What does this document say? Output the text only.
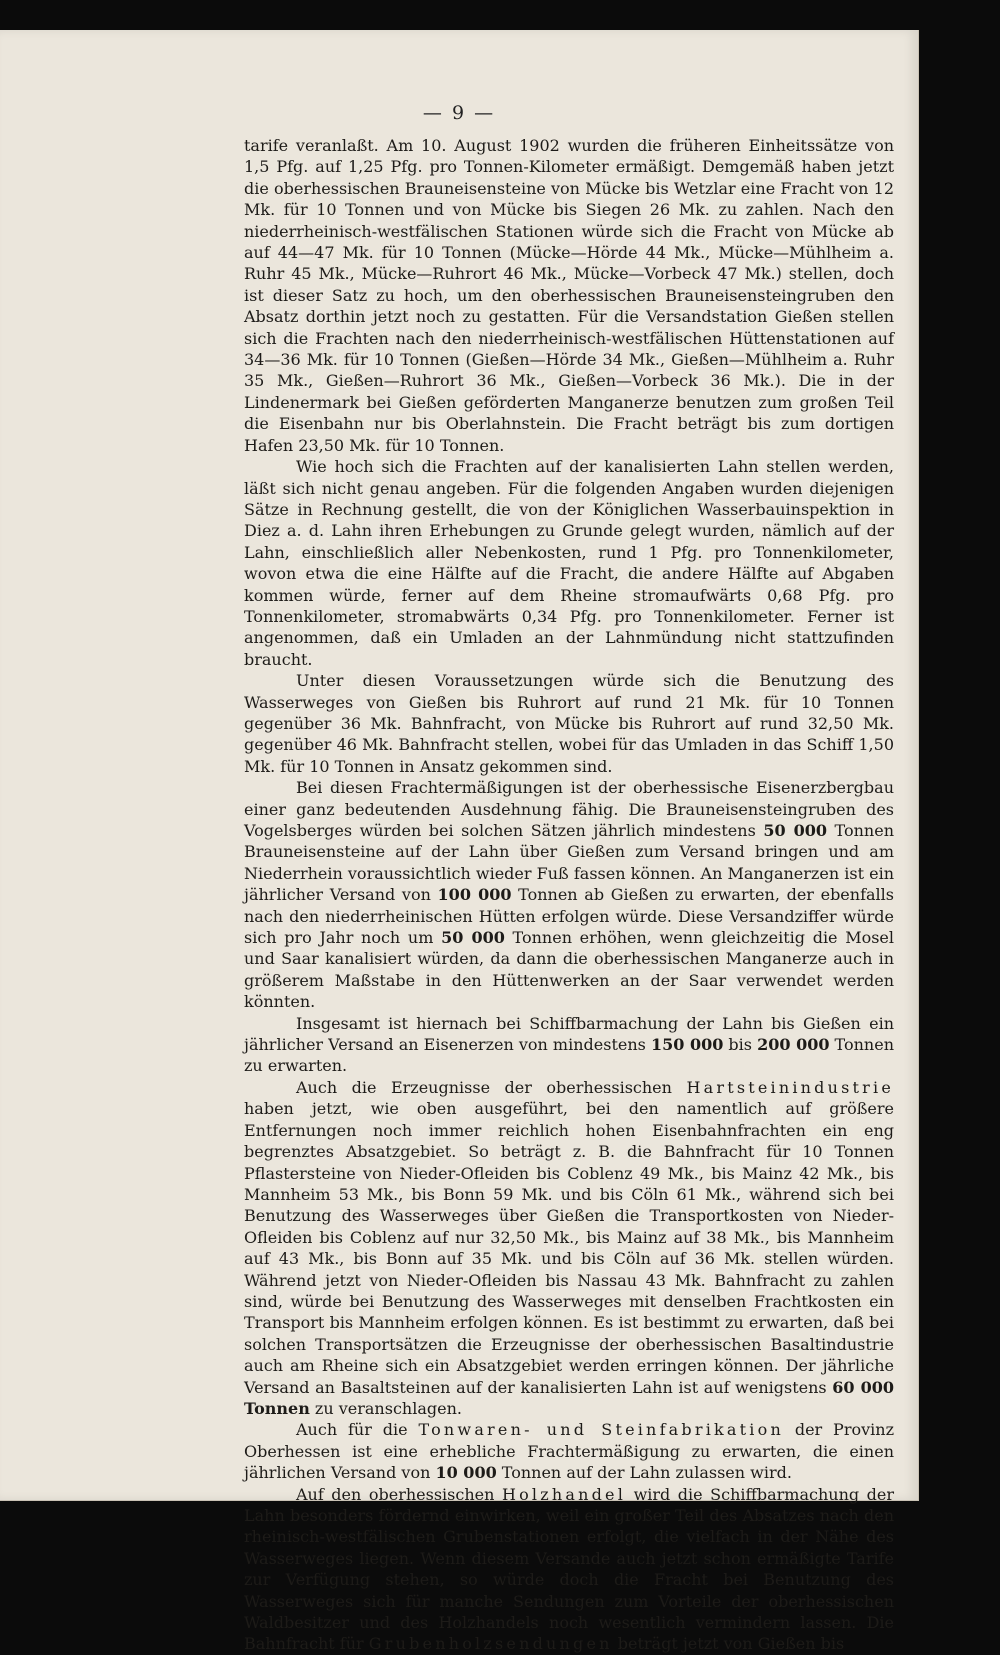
— 9 —

tarife veranlaßt. Am 10. August 1902 wurden die früheren Einheitssätze von 1,5 Pfg. auf 1,25 Pfg. pro Tonnen-Kilometer ermäßigt. Demgemäß haben jetzt die oberhessischen Brauneisensteine von Mücke bis Wetzlar eine Fracht von 12 Mk. für 10 Tonnen und von Mücke bis Siegen 26 Mk. zu zahlen. Nach den niederrheinisch-westfälischen Stationen würde sich die Fracht von Mücke ab auf 44—47 Mk. für 10 Tonnen (Mücke—Hörde 44 Mk., Mücke—Mühlheim a. Ruhr 45 Mk., Mücke—Ruhrort 46 Mk., Mücke—Vorbeck 47 Mk.) stellen, doch ist dieser Satz zu hoch, um den oberhessischen Brauneisensteingruben den Absatz dorthin jetzt noch zu gestatten. Für die Versandstation Gießen stellen sich die Frachten nach den niederrheinisch-westfälischen Hüttenstationen auf 34—36 Mk. für 10 Tonnen (Gießen—Hörde 34 Mk., Gießen—Mühlheim a. Ruhr 35 Mk., Gießen—Ruhrort 36 Mk., Gießen—Vorbeck 36 Mk.). Die in der Lindenermark bei Gießen geförderten Manganerze benutzen zum großen Teil die Eisenbahn nur bis Oberlahnstein. Die Fracht beträgt bis zum dortigen Hafen 23,50 Mk. für 10 Tonnen.

Wie hoch sich die Frachten auf der kanalisierten Lahn stellen werden, läßt sich nicht genau angeben. Für die folgenden Angaben wurden diejenigen Sätze in Rechnung gestellt, die von der Königlichen Wasserbauinspektion in Diez a. d. Lahn ihren Erhebungen zu Grunde gelegt wurden, nämlich auf der Lahn, einschließlich aller Nebenkosten, rund 1 Pfg. pro Tonnenkilometer, wovon etwa die eine Hälfte auf die Fracht, die andere Hälfte auf Abgaben kommen würde, ferner auf dem Rheine stromaufwärts 0,68 Pfg. pro Tonnenkilometer, stromabwärts 0,34 Pfg. pro Tonnenkilometer. Ferner ist angenommen, daß ein Umladen an der Lahnmündung nicht stattzufinden braucht.

Unter diesen Voraussetzungen würde sich die Benutzung des Wasserweges von Gießen bis Ruhrort auf rund 21 Mk. für 10 Tonnen gegenüber 36 Mk. Bahnfracht, von Mücke bis Ruhrort auf rund 32,50 Mk. gegenüber 46 Mk. Bahnfracht stellen, wobei für das Umladen in das Schiff 1,50 Mk. für 10 Tonnen in Ansatz gekommen sind.

Bei diesen Frachtermäßigungen ist der oberhessische Eisenerzbergbau einer ganz bedeutenden Ausdehnung fähig. Die Brauneisensteingruben des Vogelsberges würden bei solchen Sätzen jährlich mindestens 50 000 Tonnen Brauneisensteine auf der Lahn über Gießen zum Versand bringen und am Niederrhein voraussichtlich wieder Fuß fassen können. An Manganerzen ist ein jährlicher Versand von 100 000 Tonnen ab Gießen zu erwarten, der ebenfalls nach den niederrheinischen Hütten erfolgen würde. Diese Versandziffer würde sich pro Jahr noch um 50 000 Tonnen erhöhen, wenn gleichzeitig die Mosel und Saar kanalisiert würden, da dann die oberhessischen Manganerze auch in größerem Maßstabe in den Hüttenwerken an der Saar verwendet werden könnten.

Insgesamt ist hiernach bei Schiffbarmachung der Lahn bis Gießen ein jährlicher Versand an Eisenerzen von mindestens 150 000 bis 200 000 Tonnen zu erwarten.

Auch die Erzeugnisse der oberhessischen Hartsteinindustrie haben jetzt, wie oben ausgeführt, bei den namentlich auf größere Entfernungen noch immer reichlich hohen Eisenbahnfrachten ein eng begrenztes Absatzgebiet. So beträgt z. B. die Bahnfracht für 10 Tonnen Pflastersteine von Nieder-Ofleiden bis Coblenz 49 Mk., bis Mainz 42 Mk., bis Mannheim 53 Mk., bis Bonn 59 Mk. und bis Cöln 61 Mk., während sich bei Benutzung des Wasserweges über Gießen die Transportkosten von Nieder-Ofleiden bis Coblenz auf nur 32,50 Mk., bis Mainz auf 38 Mk., bis Mannheim auf 43 Mk., bis Bonn auf 35 Mk. und bis Cöln auf 36 Mk. stellen würden. Während jetzt von Nieder-Ofleiden bis Nassau 43 Mk. Bahnfracht zu zahlen sind, würde bei Benutzung des Wasserweges mit denselben Frachtkosten ein Transport bis Mannheim erfolgen können. Es ist bestimmt zu erwarten, daß bei solchen Transportsätzen die Erzeugnisse der oberhessischen Basaltindustrie auch am Rheine sich ein Absatzgebiet werden erringen können. Der jährliche Versand an Basaltsteinen auf der kanalisierten Lahn ist auf wenigstens 60 000 Tonnen zu veranschlagen.

Auch für die Tonwaren- und Steinfabrikation der Provinz Oberhessen ist eine erhebliche Frachtermäßigung zu erwarten, die einen jährlichen Versand von 10 000 Tonnen auf der Lahn zulassen wird.

Auf den oberhessischen Holzhandel wird die Schiffbarmachung der Lahn besonders fördernd einwirken, weil ein großer Teil des Absatzes nach den rheinisch-westfälischen Grubenstationen erfolgt, die vielfach in der Nähe des Wasserweges liegen. Wenn diesem Versande auch jetzt schon ermäßigte Tarife zur Verfügung stehen, so würde doch die Fracht bei Benutzung des Wasserweges sich für manche Sendungen zum Vorteile der oberhessischen Waldbesitzer und des Holzhandels noch wesentlich vermindern lassen. Die Bahnfracht für Grubenholzsendungen beträgt jetzt von Gießen bis
